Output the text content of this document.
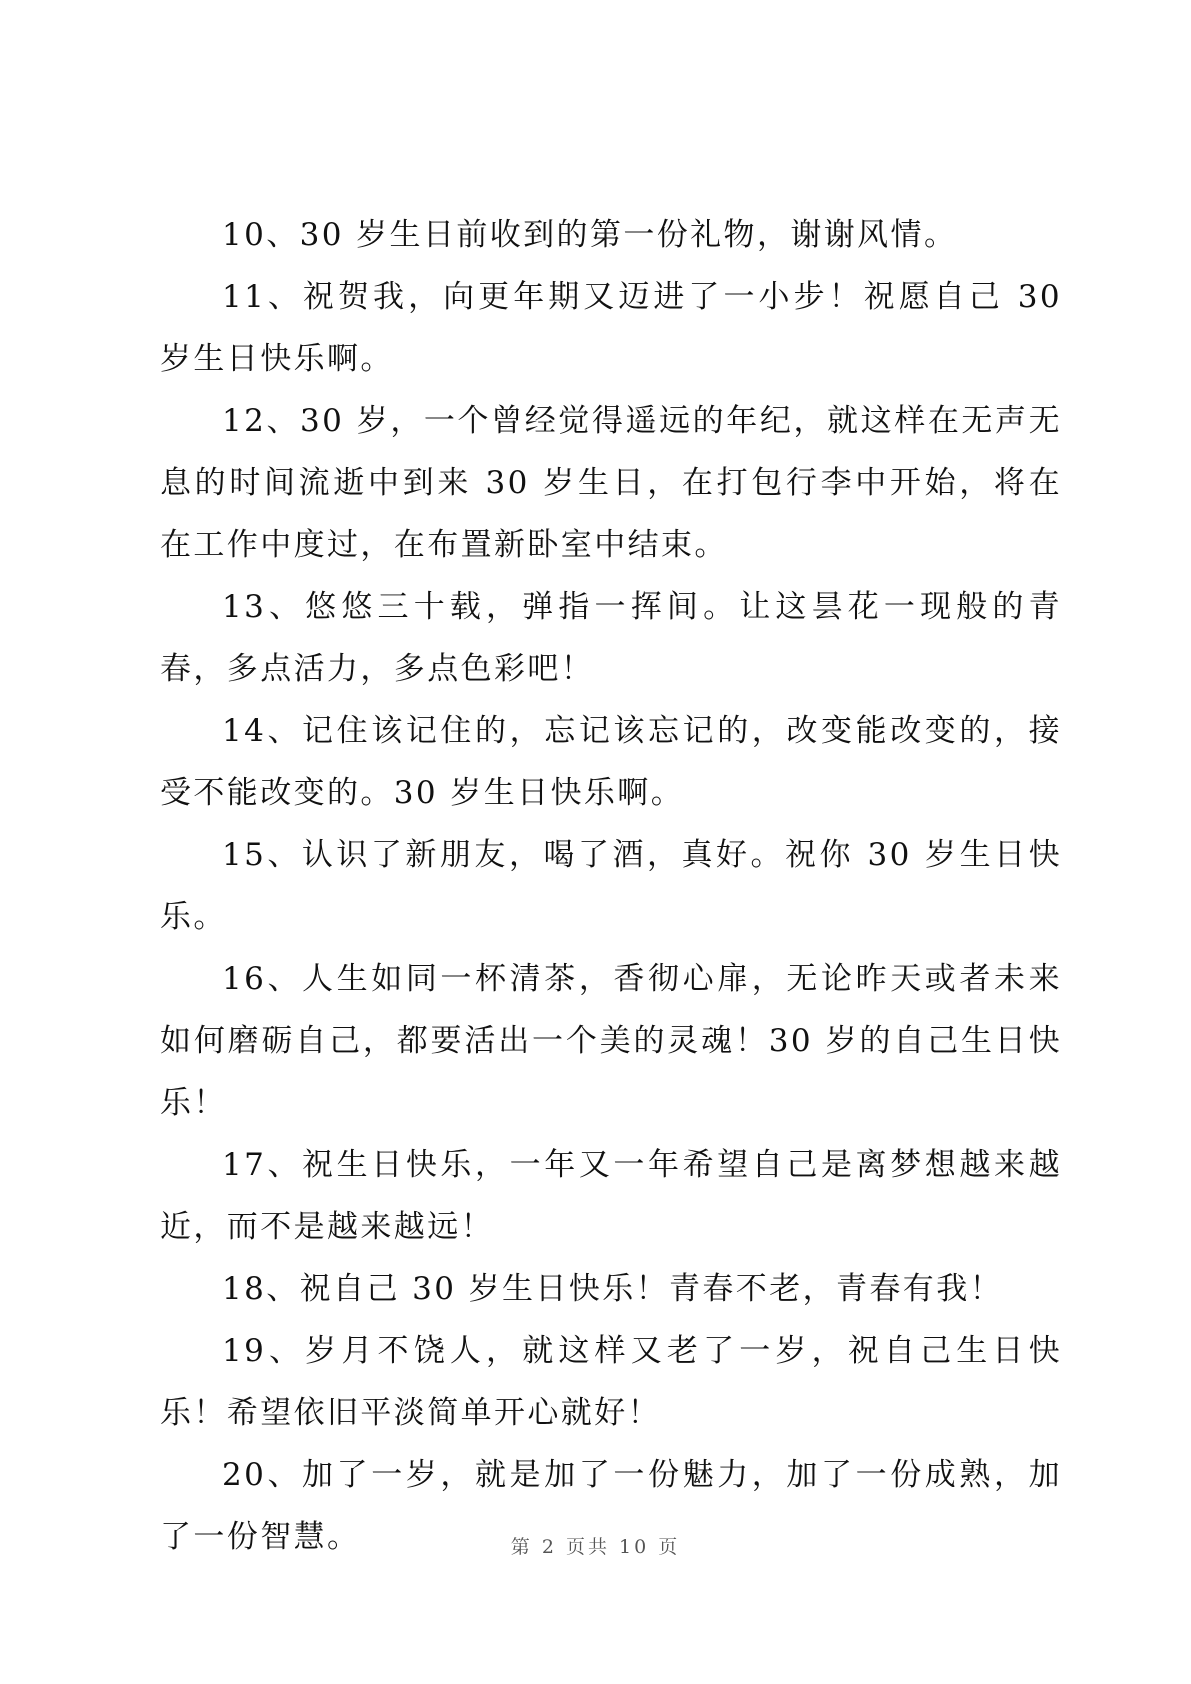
10、30 岁生日前收到的第一份礼物，谢谢风情。

11、祝贺我，向更年期又迈进了一小步！祝愿自己 30 岁生日快乐啊。

12、30 岁，一个曾经觉得遥远的年纪，就这样在无声无息的时间流逝中到来 30 岁生日，在打包行李中开始，将在在工作中度过，在布置新卧室中结束。

13、悠悠三十载，弹指一挥间。让这昙花一现般的青春，多点活力，多点色彩吧！

14、记住该记住的，忘记该忘记的，改变能改变的，接受不能改变的。30 岁生日快乐啊。

15、认识了新朋友，喝了酒，真好。祝你 30 岁生日快乐。

16、人生如同一杯清茶，香彻心扉，无论昨天或者未来如何磨砺自己，都要活出一个美的灵魂！30 岁的自己生日快乐！

17、祝生日快乐，一年又一年希望自己是离梦想越来越近，而不是越来越远！

18、祝自己 30 岁生日快乐！青春不老，青春有我！

19、岁月不饶人，就这样又老了一岁，祝自己生日快乐！希望依旧平淡简单开心就好！

20、加了一岁，就是加了一份魅力，加了一份成熟，加了一份智慧。	第 2 页共 10 页
